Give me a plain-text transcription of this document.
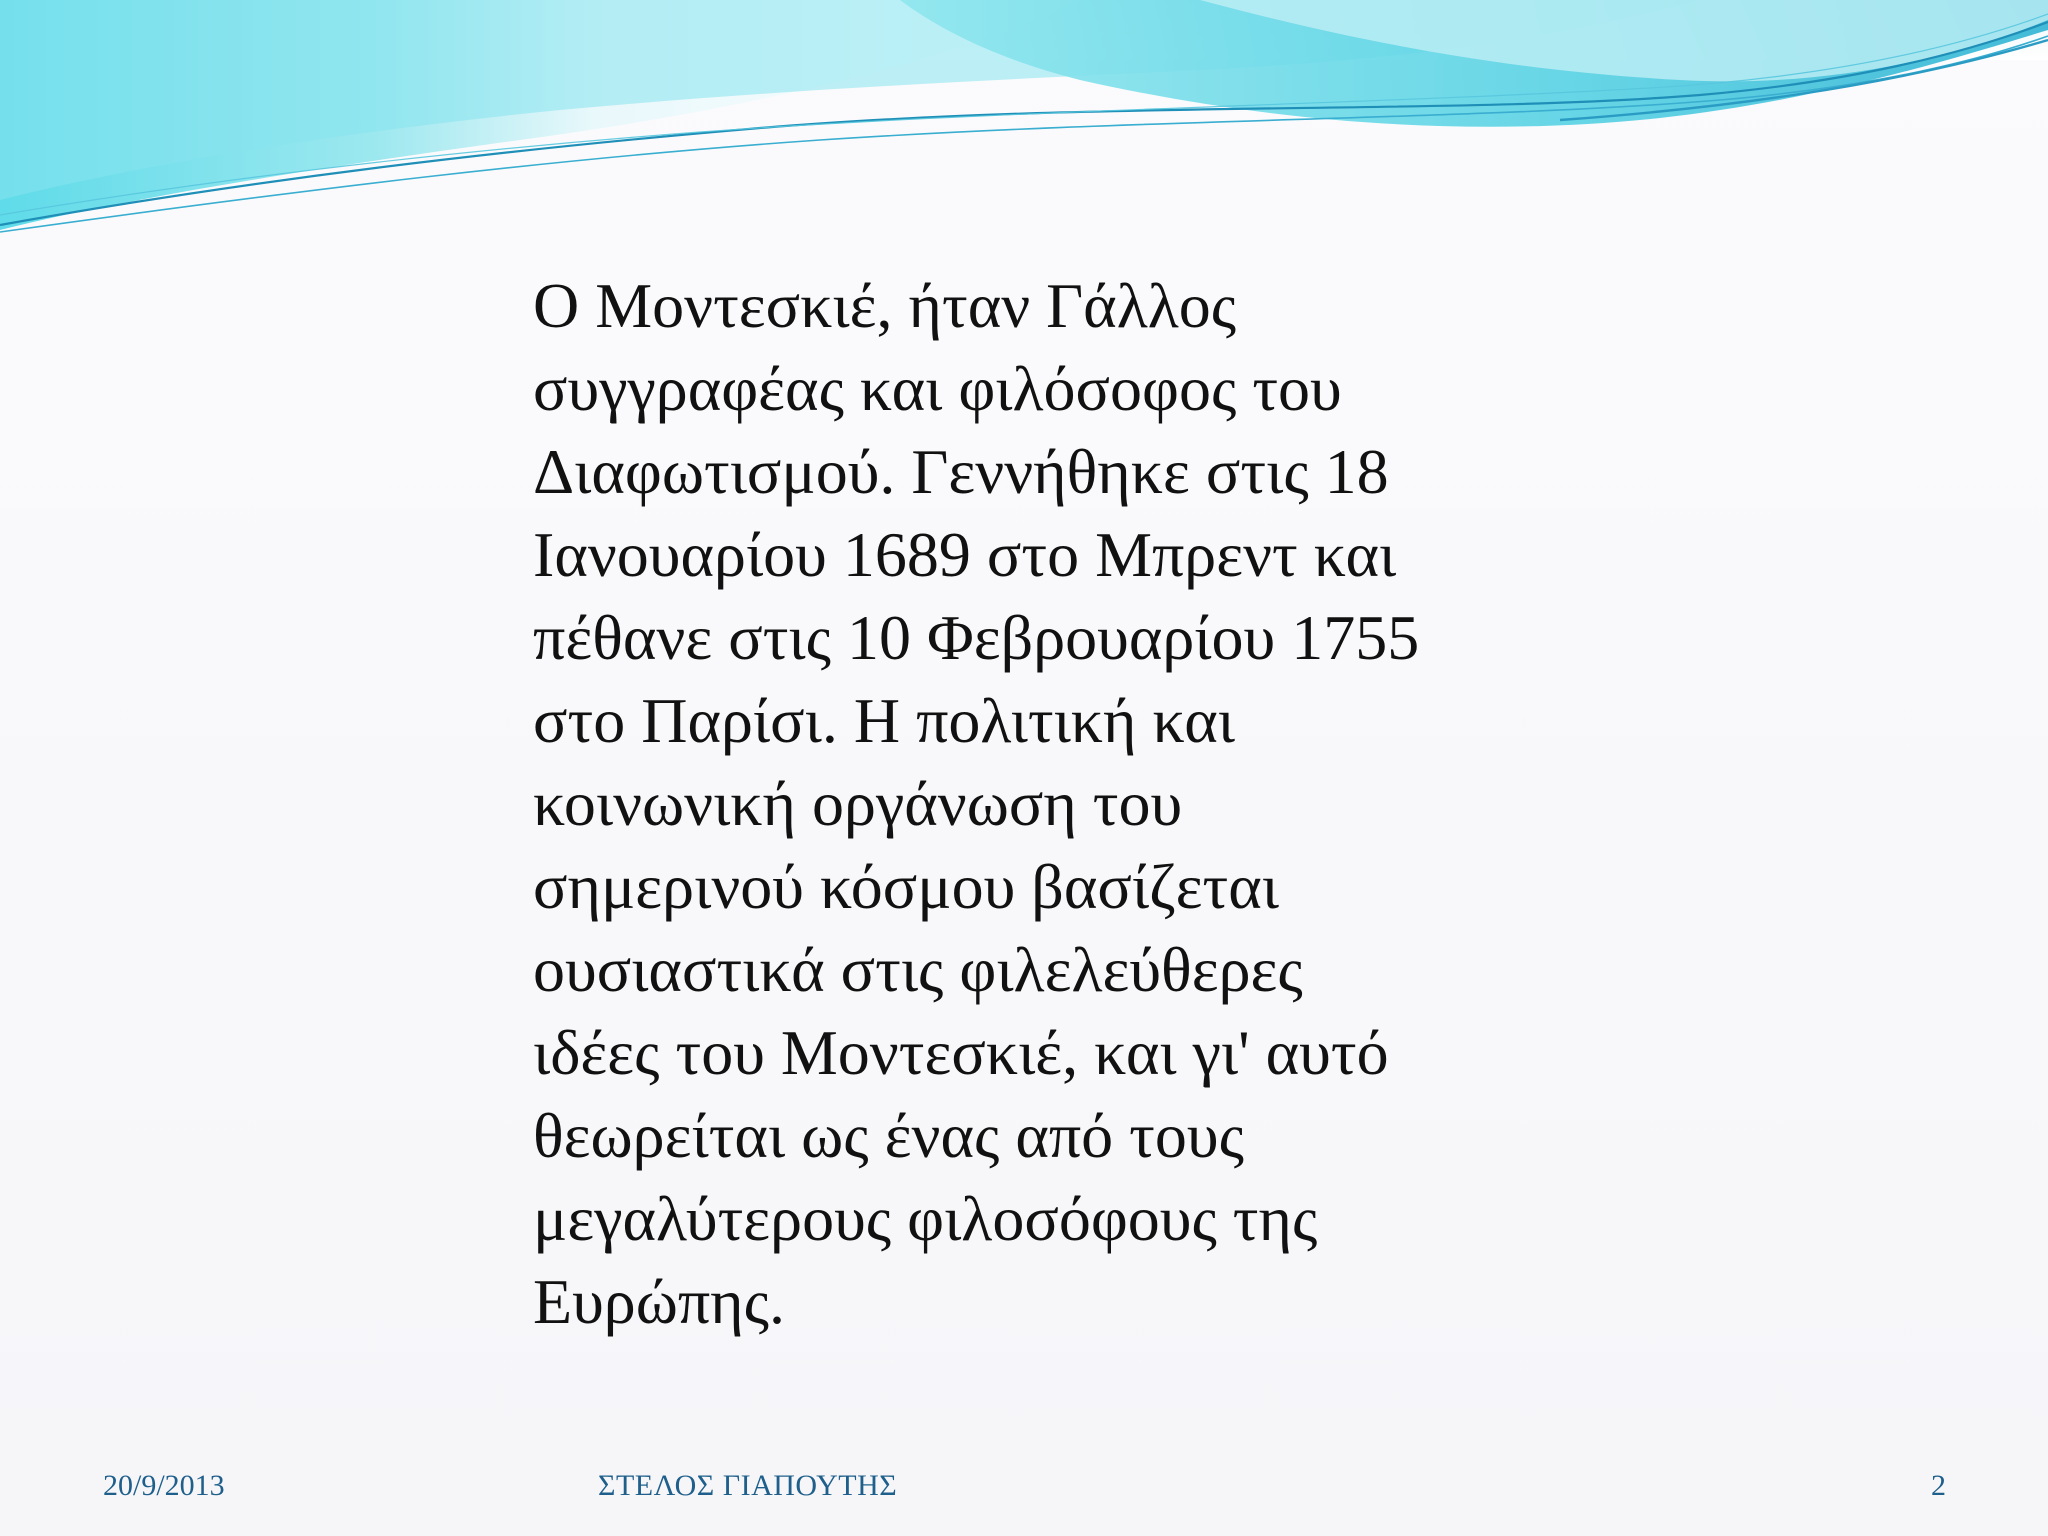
Ο Μοντεσκιέ, ήταν Γάλλος
συγγραφέας και φιλόσοφος του
Διαφωτισμού. Γεννήθηκε στις 18
Ιανουαρίου 1689 στο Μπρεντ και
πέθανε στις 10 Φεβρουαρίου 1755
στο Παρίσι. Η πολιτική και
κοινωνική οργάνωση του
σημερινού κόσμου βασίζεται
ουσιαστικά στις φιλελεύθερες
ιδέες του Μοντεσκιέ, και γι' αυτό
θεωρείται ως ένας από τους
μεγαλύτερους φιλοσόφους της
Ευρώπης.
20/9/2013	ΣΤΕΛΟΣ ΓΙΑΠΟΥΤΗΣ	2
